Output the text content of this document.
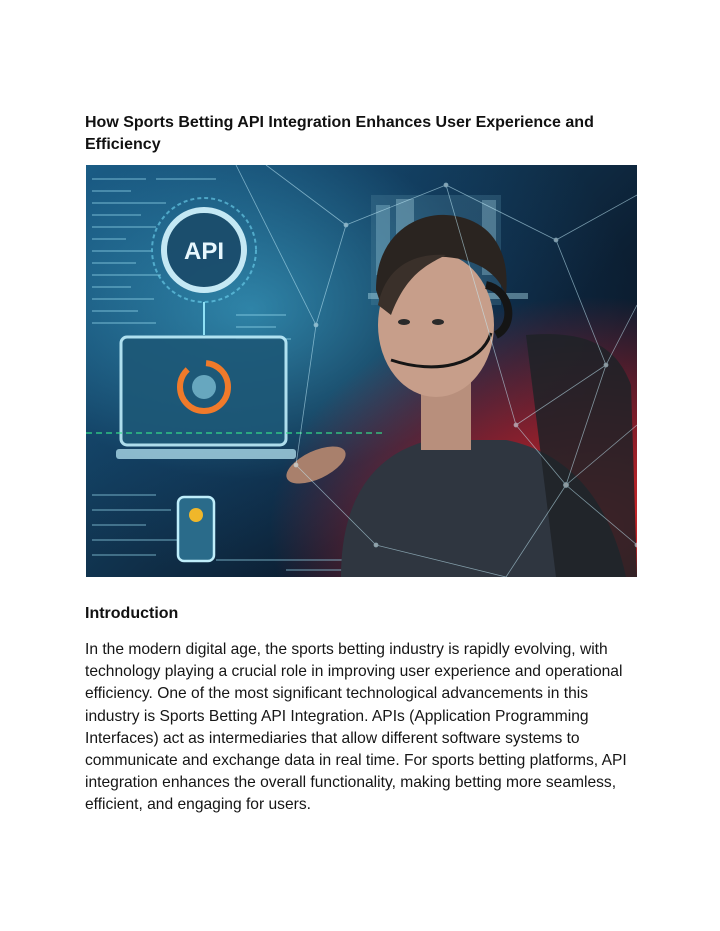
How Sports Betting API Integration Enhances User Experience and Efficiency
API
Introduction

In the modern digital age, the sports betting industry is rapidly evolving, with technology playing a crucial role in improving user experience and operational efficiency. One of the most significant technological advancements in this industry is Sports Betting API Integration. APIs (Application Programming Interfaces) act as intermediaries that allow different software systems to communicate and exchange data in real time. For sports betting platforms, API integration enhances the overall functionality, making betting more seamless, efficient, and engaging for users.
